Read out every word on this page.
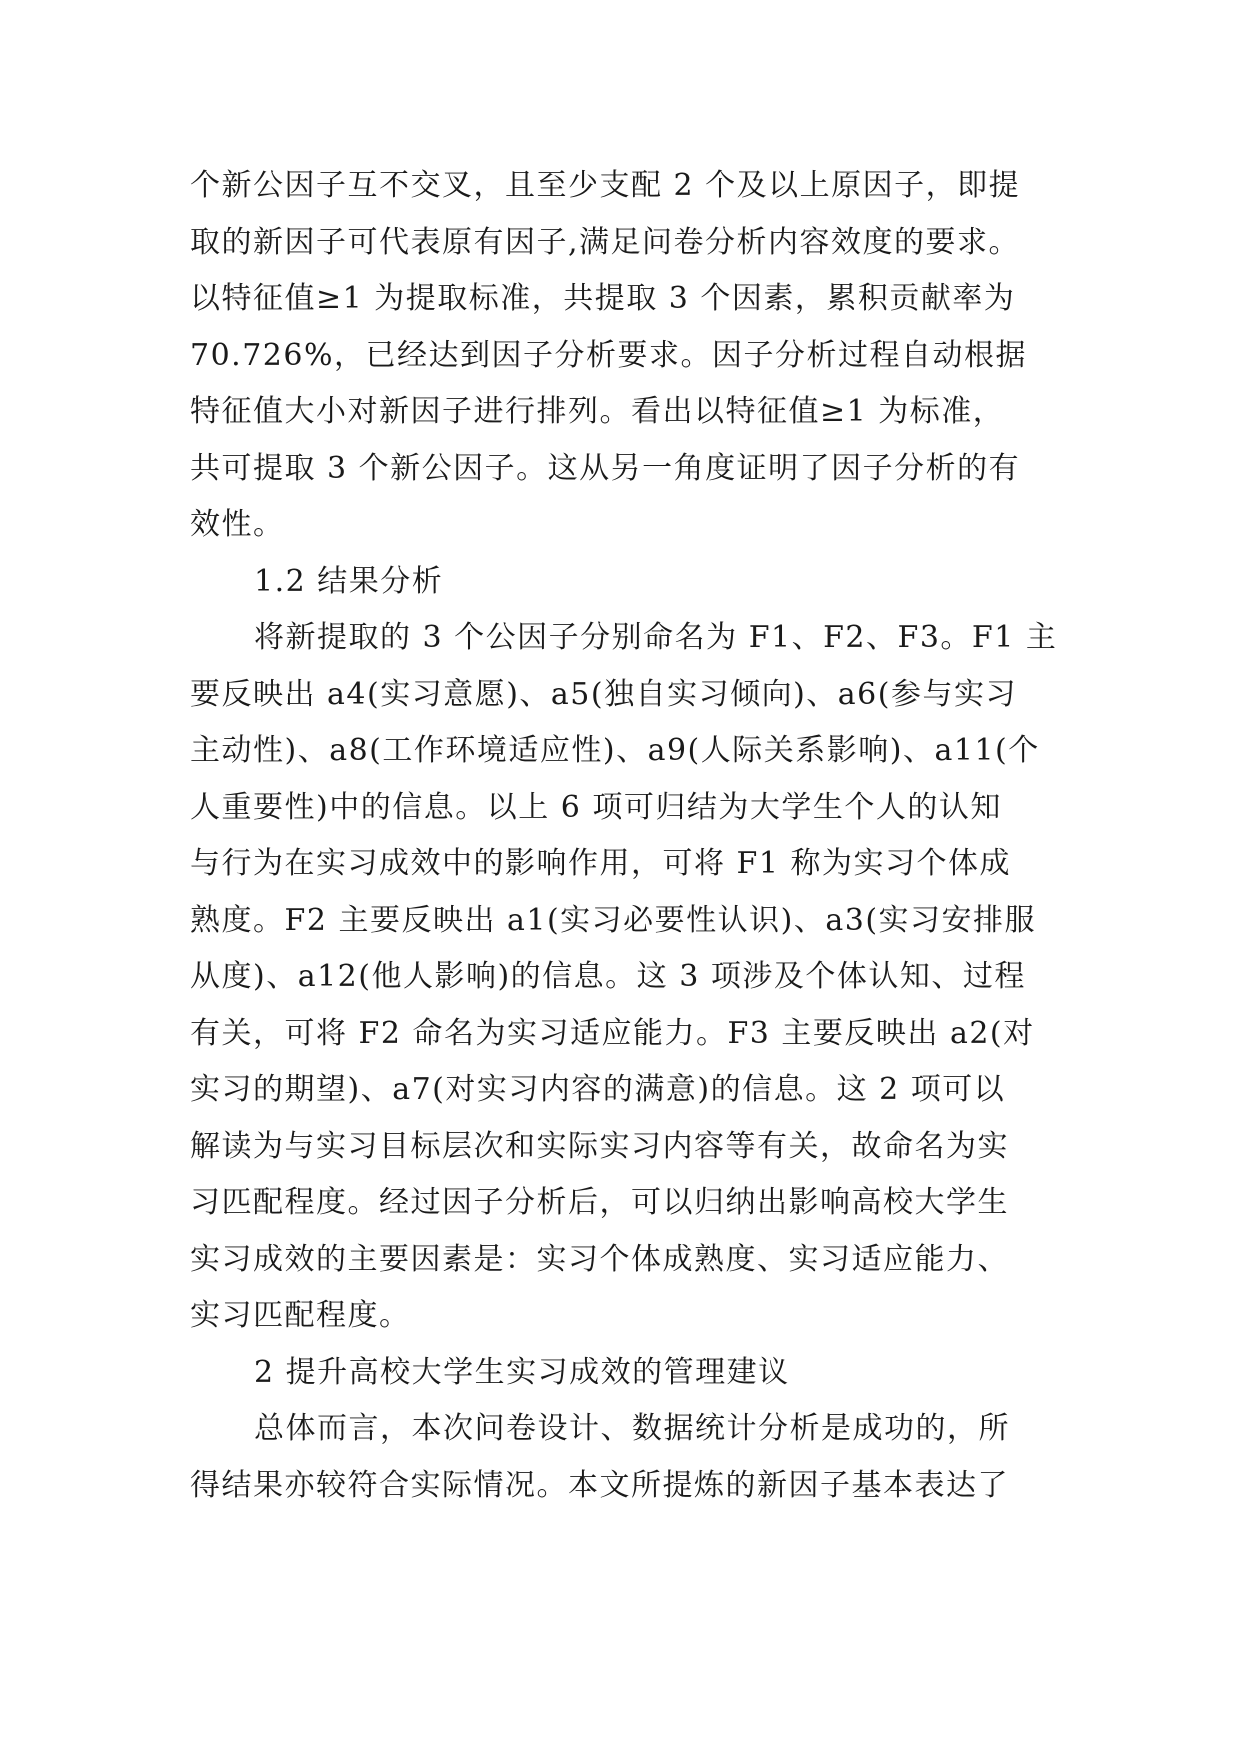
个新公因子互不交叉，且至少支配 2 个及以上原因子，即提
取的新因子可代表原有因子,满足问卷分析内容效度的要求。
以特征值≥1 为提取标准，共提取 3 个因素，累积贡献率为
70.726%，已经达到因子分析要求。因子分析过程自动根据
特征值大小对新因子进行排列。看出以特征值≥1 为标准，
共可提取 3 个新公因子。这从另一角度证明了因子分析的有
效性。
1.2 结果分析
将新提取的 3 个公因子分别命名为 F1、F2、F3。F1 主
要反映出 a4(实习意愿)、a5(独自实习倾向)、a6(参与实习
主动性)、a8(工作环境适应性)、a9(人际关系影响)、a11(个
人重要性)中的信息。以上 6 项可归结为大学生个人的认知
与行为在实习成效中的影响作用，可将 F1 称为实习个体成
熟度。F2 主要反映出 a1(实习必要性认识)、a3(实习安排服
从度)、a12(他人影响)的信息。这 3 项涉及个体认知、过程
有关，可将 F2 命名为实习适应能力。F3 主要反映出 a2(对
实习的期望)、a7(对实习内容的满意)的信息。这 2 项可以
解读为与实习目标层次和实际实习内容等有关，故命名为实
习匹配程度。经过因子分析后，可以归纳出影响高校大学生
实习成效的主要因素是：实习个体成熟度、实习适应能力、
实习匹配程度。
2 提升高校大学生实习成效的管理建议
总体而言，本次问卷设计、数据统计分析是成功的，所
得结果亦较符合实际情况。本文所提炼的新因子基本表达了
